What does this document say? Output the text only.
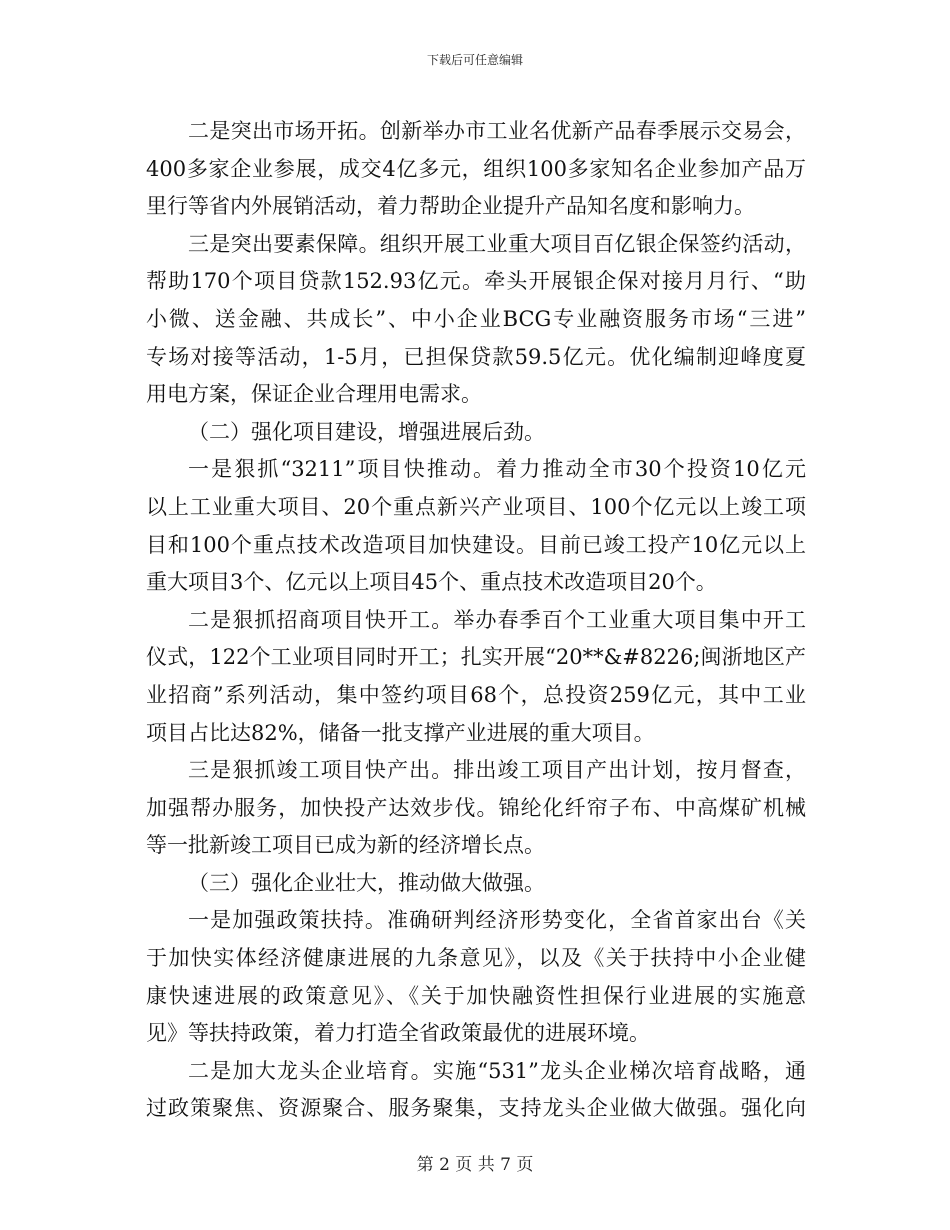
下载后可任意编辑
二是突出市场开拓。创新举办市工业名优新产品春季展示交易会，
400多家企业参展，成交4亿多元，组织100多家知名企业参加产品万
里行等省内外展销活动，着力帮助企业提升产品知名度和影响力。
三是突出要素保障。组织开展工业重大项目百亿银企保签约活动，
帮助170个项目贷款152.93亿元。牵头开展银企保对接月月行、“助
小微、送金融、共成长”、中小企业BCG专业融资服务市场“三进”
专场对接等活动，1-5月，已担保贷款59.5亿元。优化编制迎峰度夏
用电方案，保证企业合理用电需求。
（二）强化项目建设，增强进展后劲。
一是狠抓“3211”项目快推动。着力推动全市30个投资10亿元
以上工业重大项目、20个重点新兴产业项目、100个亿元以上竣工项
目和100个重点技术改造项目加快建设。目前已竣工投产10亿元以上
重大项目3个、亿元以上项目45个、重点技术改造项目20个。
二是狠抓招商项目快开工。举办春季百个工业重大项目集中开工
仪式，122个工业项目同时开工；扎实开展“20**&#8226;闽浙地区产
业招商”系列活动，集中签约项目68个，总投资259亿元，其中工业
项目占比达82%，储备一批支撑产业进展的重大项目。
三是狠抓竣工项目快产出。排出竣工项目产出计划，按月督查，
加强帮办服务，加快投产达效步伐。锦纶化纤帘子布、中高煤矿机械
等一批新竣工项目已成为新的经济增长点。
（三）强化企业壮大，推动做大做强。
一是加强政策扶持。准确研判经济形势变化，全省首家出台《关
于加快实体经济健康进展的九条意见》，以及《关于扶持中小企业健
康快速进展的政策意见》、《关于加快融资性担保行业进展的实施意
见》等扶持政策，着力打造全省政策最优的进展环境。
二是加大龙头企业培育。实施“531”龙头企业梯次培育战略，通
过政策聚焦、资源聚合、服务聚集，支持龙头企业做大做强。强化向
第 2 页 共 7 页
